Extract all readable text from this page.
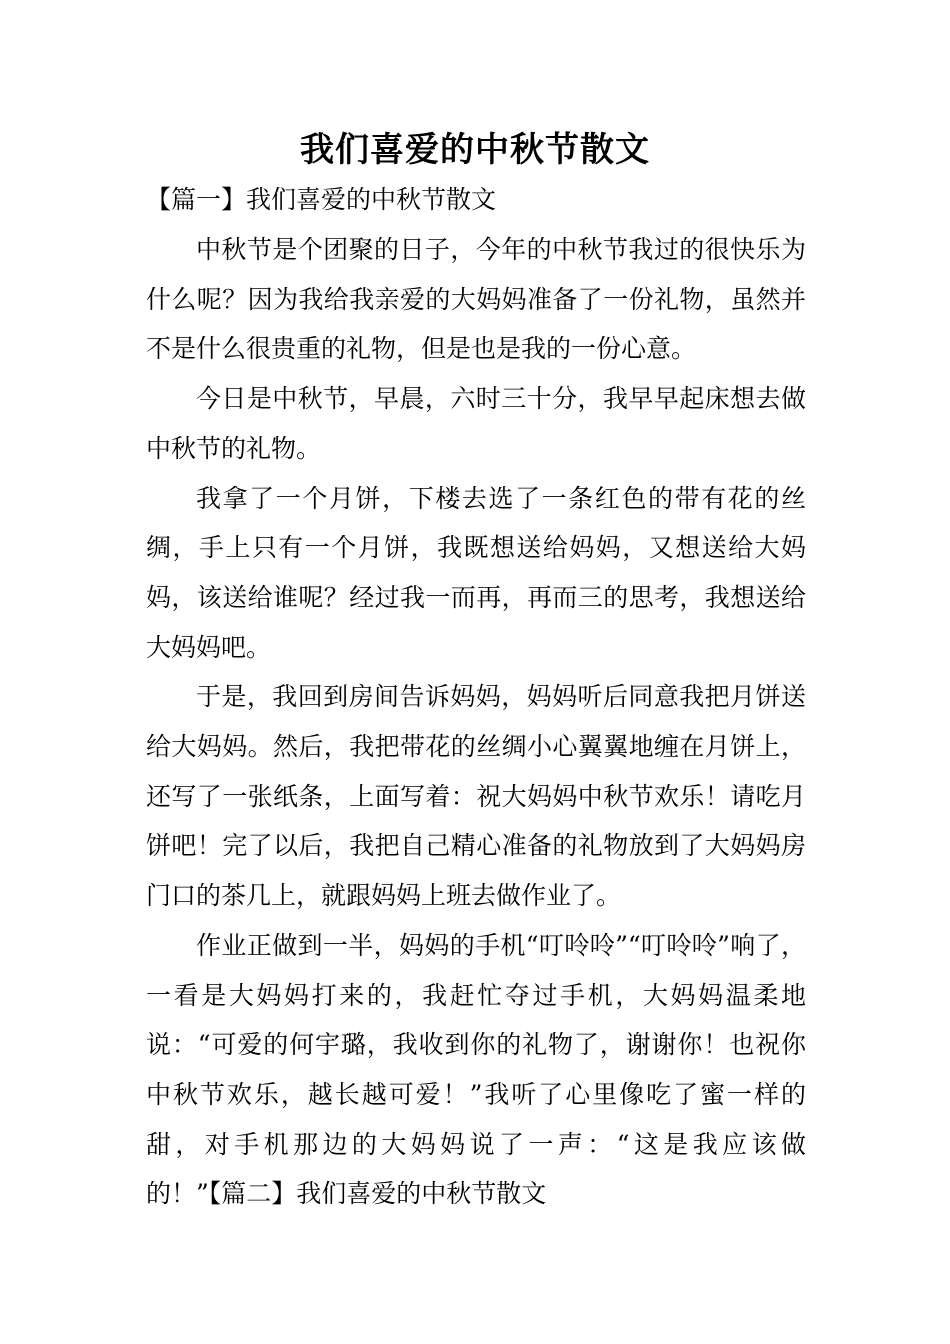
我们喜爱的中秋节散文

【篇一】我们喜爱的中秋节散文

中秋节是个团聚的日子，今年的中秋节我过的很快乐为什么呢？因为我给我亲爱的大妈妈准备了一份礼物，虽然并不是什么很贵重的礼物，但是也是我的一份心意。

今日是中秋节，早晨，六时三十分，我早早起床想去做中秋节的礼物。

我拿了一个月饼，下楼去选了一条红色的带有花的丝绸，手上只有一个月饼，我既想送给妈妈，又想送给大妈妈，该送给谁呢？经过我一而再，再而三的思考，我想送给大妈妈吧。

于是，我回到房间告诉妈妈，妈妈听后同意我把月饼送给大妈妈。然后，我把带花的丝绸小心翼翼地缠在月饼上，还写了一张纸条，上面写着：祝大妈妈中秋节欢乐！请吃月饼吧！完了以后，我把自己精心准备的礼物放到了大妈妈房门口的茶几上，就跟妈妈上班去做作业了。

作业正做到一半，妈妈的手机“叮呤呤”“叮呤呤”响了，一看是大妈妈打来的，我赶忙夺过手机，大妈妈温柔地说：“可爱的何宇璐，我收到你的礼物了，谢谢你！也祝你中秋节欢乐，越长越可爱！”我听了心里像吃了蜜一样的甜，对手机那边的大妈妈说了一声：“这是我应该做的！”【篇二】我们喜爱的中秋节散文
